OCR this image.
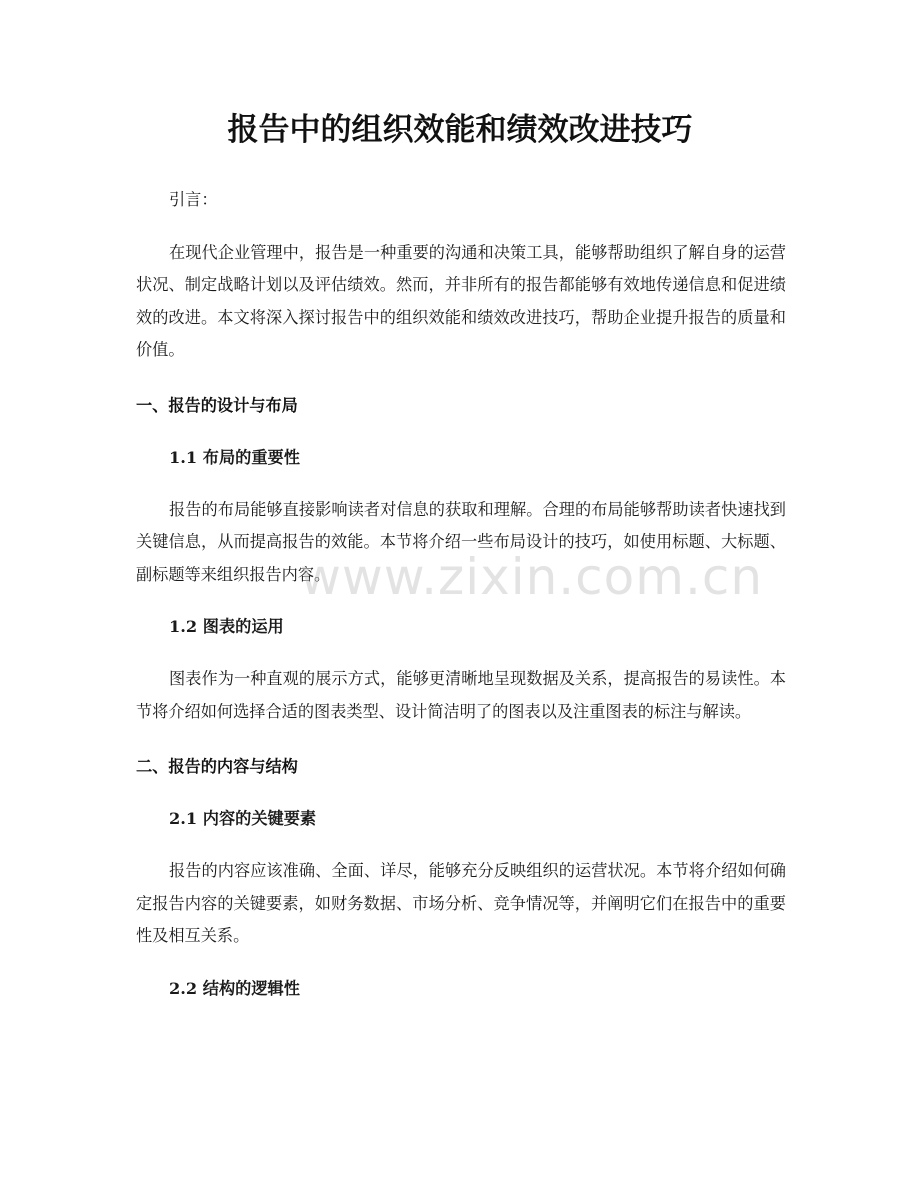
报告中的组织效能和绩效改进技巧

引言：

在现代企业管理中，报告是一种重要的沟通和决策工具，能够帮助组织了解自身的运营状况、制定战略计划以及评估绩效。然而，并非所有的报告都能够有效地传递信息和促进绩效的改进。本文将深入探讨报告中的组织效能和绩效改进技巧，帮助企业提升报告的质量和价值。

一、报告的设计与布局
1.1 布局的重要性

报告的布局能够直接影响读者对信息的获取和理解。合理的布局能够帮助读者快速找到关键信息，从而提高报告的效能。本节将介绍一些布局设计的技巧，如使用标题、大标题、副标题等来组织报告内容。

1.2 图表的运用

图表作为一种直观的展示方式，能够更清晰地呈现数据及关系，提高报告的易读性。本节将介绍如何选择合适的图表类型、设计简洁明了的图表以及注重图表的标注与解读。

二、报告的内容与结构
2.1 内容的关键要素

报告的内容应该准确、全面、详尽，能够充分反映组织的运营状况。本节将介绍如何确定报告内容的关键要素，如财务数据、市场分析、竞争情况等，并阐明它们在报告中的重要性及相互关系。

2.2 结构的逻辑性
www.zixin.com.cn
